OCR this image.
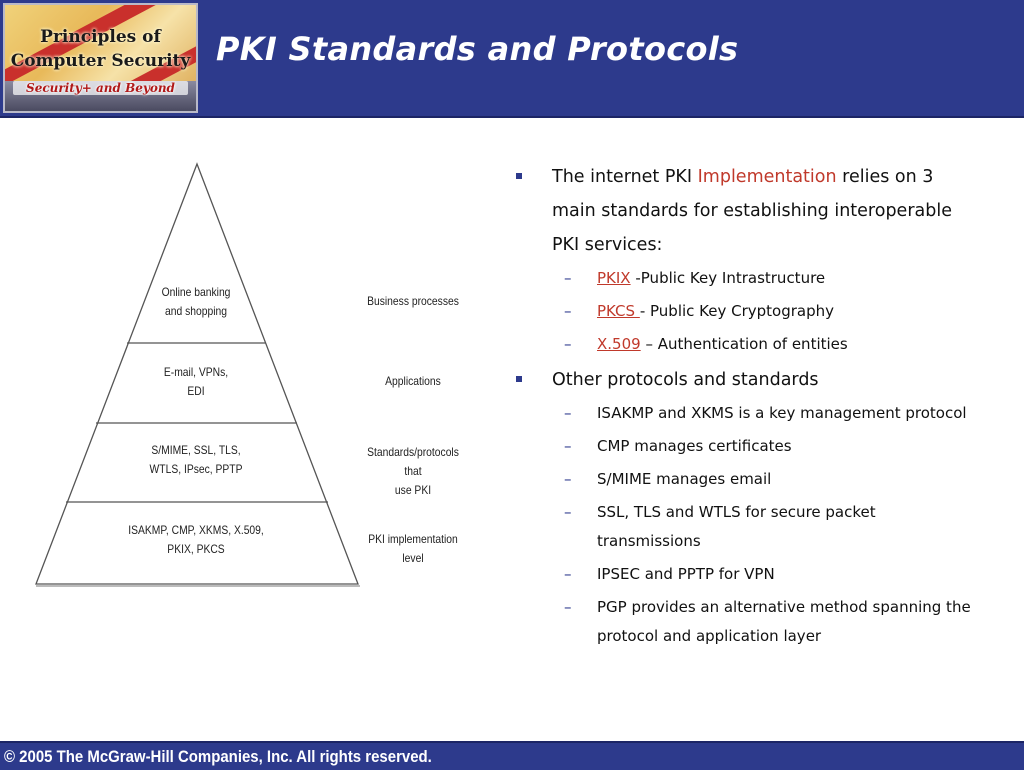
Principles of
Computer Security
Security+ and Beyond
PKI Standards and Protocols
Online banking
and shopping
E-mail, VPNs,
EDI
S/MIME, SSL, TLS,
WTLS, IPsec, PPTP
ISAKMP, CMP, XKMS, X.509,
PKIX, PKCS
Business processes
Applications
Standards/protocols that
use PKI
PKI implementation level
The internet PKI Implementation relies on 3 main standards for establishing interoperable PKI services:
– PKIX -Public Key Intrastructure
– PKCS - Public Key Cryptography
– X.509 – Authentication of entities
Other protocols and standards
– ISAKMP and XKMS is a key management protocol
– CMP manages certificates
– S/MIME manages email
– SSL, TLS and WTLS for secure packet transmissions
– IPSEC and PPTP for VPN
– PGP provides an alternative method spanning the protocol and application layer
© 2005 The McGraw-Hill Companies, Inc. All rights reserved.
